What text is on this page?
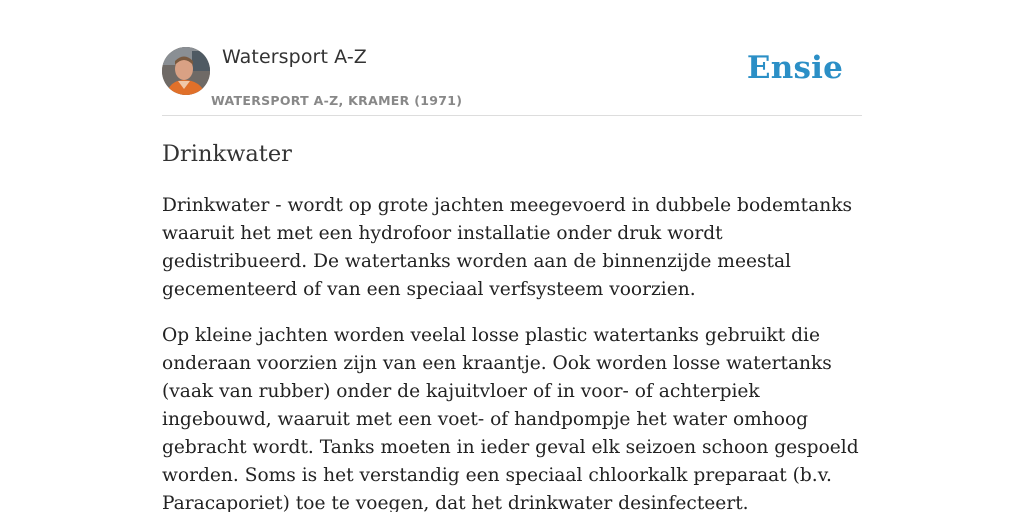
Watersport A-Z
WATERSPORT A-Z, KRAMER (1971)
Ensie
Drinkwater

Drinkwater - wordt op grote jachten meegevoerd in dubbele bodemtanks waaruit het met een hydrofoor installatie onder druk wordt gedistribueerd. De watertanks worden aan de binnenzijde meestal gecementeerd of van een speciaal verfsysteem voorzien.

Op kleine jachten worden veelal losse plastic watertanks gebruikt die onderaan voorzien zijn van een kraantje. Ook worden losse watertanks (vaak van rubber) onder de kajuitvloer of in voor- of achterpiek ingebouwd, waaruit met een voet- of handpompje het water omhoog gebracht wordt. Tanks moeten in ieder geval elk seizoen schoon gespoeld worden. Soms is het verstandig een speciaal chloorkalk preparaat (b.v. Paracaporiet) toe te voegen, dat het drinkwater desinfecteert.
